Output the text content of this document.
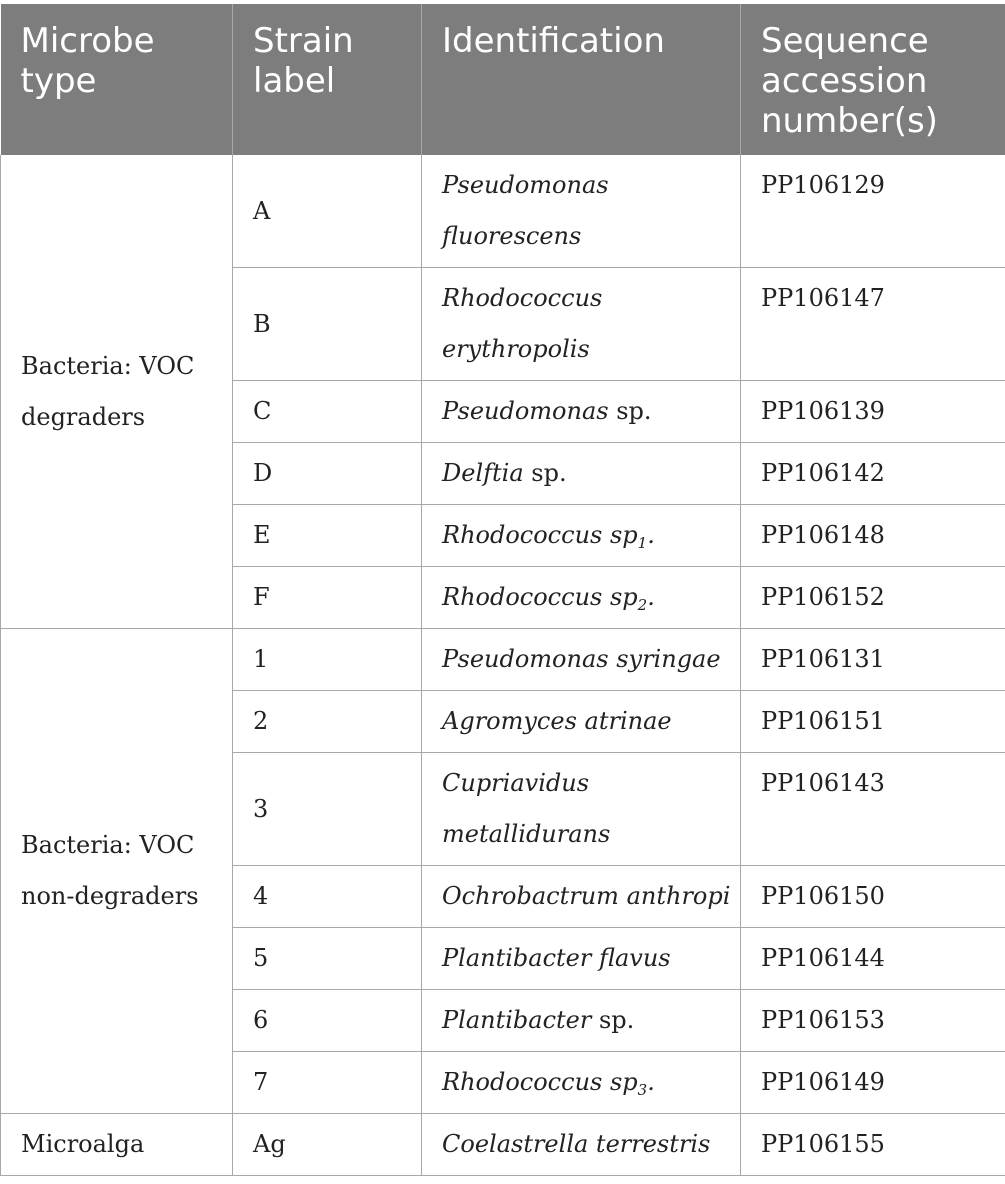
Microbe type	Strain label	Identification	Sequence accession number(s)
Bacteria: VOC degraders	A	Pseudomonas fluorescens	PP106129
	B	Rhodococcus erythropolis	PP106147
	C	Pseudomonas sp.	PP106139
	D	Delftia sp.	PP106142
	E	Rhodococcus $sp_1$.	PP106148
	F	Rhodococcus $sp_2$.	PP106152
Bacteria: VOC non-degraders	1	Pseudomonas syringae	PP106131
	2	Agromyces atrinae	PP106151
	3	Cupriavidus metallidurans	PP106143
	4	Ochrobactrum anthropi	PP106150
	5	Plantibacter flavus	PP106144
	6	Plantibacter sp.	PP106153
	7	Rhodococcus $sp_3$.	PP106149
Microalga	Ag	Coelastrella terrestris	PP106155
